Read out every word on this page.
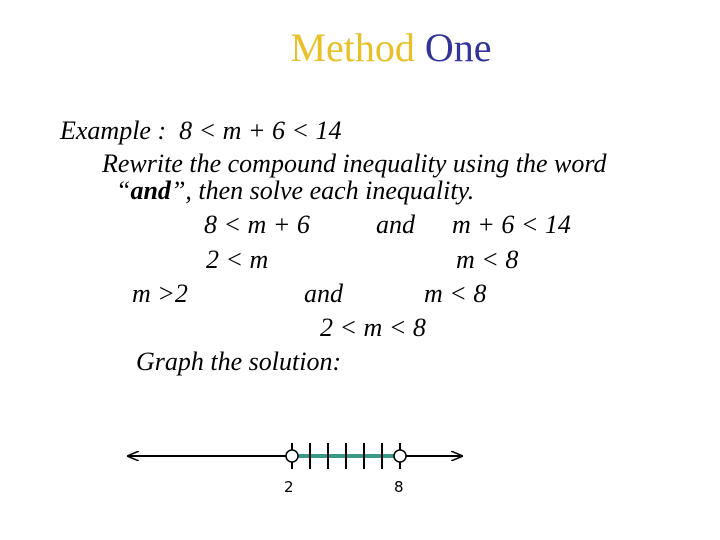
Method One
Example :  8 < m + 6 < 14
Rewrite the compound inequality using the word
“and”, then solve each inequality.
8 < m + 6	and m + 6 < 14
2 < m	m < 8
m >2	and	m < 8
2 < m < 8
Graph the solution:
2	8
